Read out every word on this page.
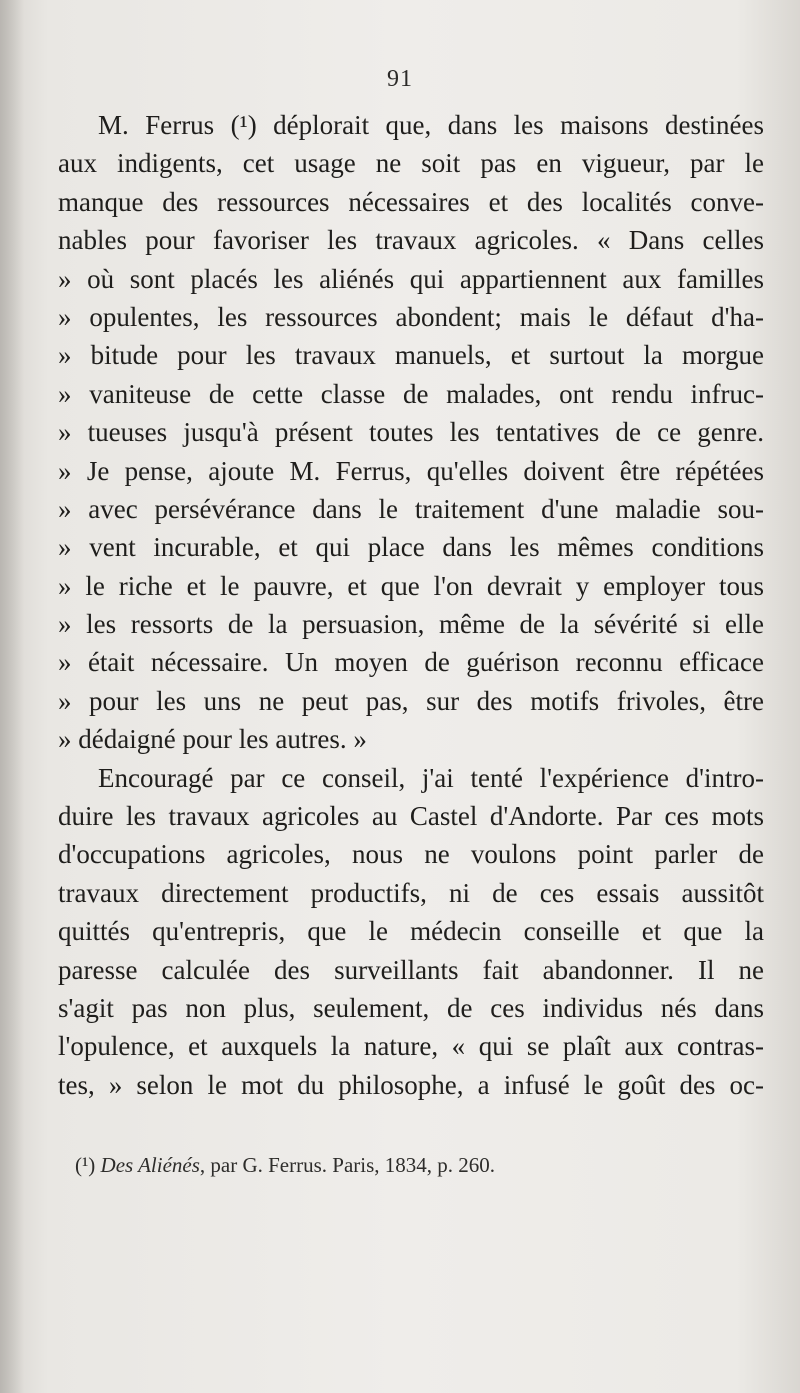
91
M. Ferrus (¹) déplorait que, dans les maisons destinées
aux indigents, cet usage ne soit pas en vigueur, par le
manque des ressources nécessaires et des localités conve-
nables pour favoriser les travaux agricoles. « Dans celles
» où sont placés les aliénés qui appartiennent aux familles
» opulentes, les ressources abondent; mais le défaut d'ha-
» bitude pour les travaux manuels, et surtout la morgue
» vaniteuse de cette classe de malades, ont rendu infruc-
» tueuses jusqu'à présent toutes les tentatives de ce genre.
» Je pense, ajoute M. Ferrus, qu'elles doivent être répétées
» avec persévérance dans le traitement d'une maladie sou-
» vent incurable, et qui place dans les mêmes conditions
» le riche et le pauvre, et que l'on devrait y employer tous
» les ressorts de la persuasion, même de la sévérité si elle
» était nécessaire. Un moyen de guérison reconnu efficace
» pour les uns ne peut pas, sur des motifs frivoles, être
» dédaigné pour les autres. »
Encouragé par ce conseil, j'ai tenté l'expérience d'intro-
duire les travaux agricoles au Castel d'Andorte. Par ces mots
d'occupations agricoles, nous ne voulons point parler de
travaux directement productifs, ni de ces essais aussitôt
quittés qu'entrepris, que le médecin conseille et que la
paresse calculée des surveillants fait abandonner. Il ne
s'agit pas non plus, seulement, de ces individus nés dans
l'opulence, et auxquels la nature, « qui se plaît aux contras-
tes, » selon le mot du philosophe, a infusé le goût des oc-
(¹) Des Aliénés, par G. Ferrus. Paris, 1834, p. 260.
